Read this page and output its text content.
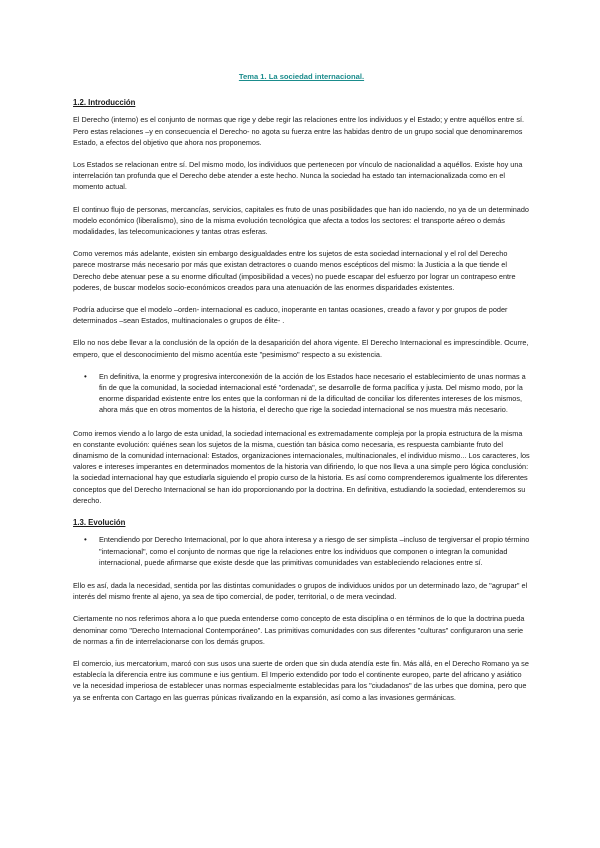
Tema 1. La sociedad internacional.
1.2. Introducción

El Derecho (interno) es el conjunto de normas que rige y debe regir las relaciones entre los individuos y el Estado; y entre aquéllos entre sí. Pero estas relaciones –y en consecuencia el Derecho- no agota su fuerza entre las habidas dentro de un grupo social que denominaremos Estado, a efectos del objetivo que ahora nos proponemos.

Los Estados se relacionan entre sí. Del mismo modo, los individuos que pertenecen por vínculo de nacionalidad a aquéllos. Existe hoy una interrelación tan profunda que el Derecho debe atender a este hecho. Nunca la sociedad ha estado tan internacionalizada como en el momento actual.

El continuo flujo de personas, mercancías, servicios, capitales es fruto de unas posibilidades que han ido naciendo, no ya de un determinado modelo económico (liberalismo), sino de la misma evolución tecnológica que afecta a todos los sectores: el transporte aéreo o demás modalidades, las telecomunicaciones y tantas otras esferas.

Como veremos más adelante, existen sin embargo desigualdades entre los sujetos de esta sociedad internacional y el rol del Derecho parece mostrarse más necesario por más que existan detractores o cuando menos escépticos del mismo: la Justicia a la que tiende el Derecho debe atenuar pese a su enorme dificultad (imposibilidad a veces) no puede escapar del esfuerzo por lograr un contrapeso entre poderes, de buscar modelos socio-económicos creados para una atenuación de las enormes disparidades existentes.

Podría aducirse que el modelo –orden- internacional es caduco, inoperante en tantas ocasiones, creado a favor y por grupos de poder determinados –sean Estados, multinacionales o grupos de élite- .

Ello no nos debe llevar a la conclusión de la opción de la desaparición del ahora vigente. El Derecho Internacional es imprescindible. Ocurre, empero, que el desconocimiento del mismo acentúa este "pesimismo" respecto a su existencia.

• En definitiva, la enorme y progresiva interconexión de la acción de los Estados hace necesario el establecimiento de unas normas a fin de que la comunidad, la sociedad internacional esté "ordenada", se desarrolle de forma pacífica y justa. Del mismo modo, por la enorme disparidad existente entre los entes que la conforman ni de la dificultad de conciliar los diferentes intereses de los mismos, ahora más que en otros momentos de la historia, el derecho que rige la sociedad internacional se nos muestra más necesario.

Como iremos viendo a lo largo de esta unidad, la sociedad internacional es extremadamente compleja por la propia estructura de la misma en constante evolución: quiénes sean los sujetos de la misma, cuestión tan básica como necesaria, es respuesta cambiante fruto del dinamismo de la comunidad internacional: Estados, organizaciones internacionales, multinacionales, el individuo mismo... Los caracteres, los valores e intereses imperantes en determinados momentos de la historia van difiriendo, lo que nos lleva a una simple pero lógica conclusión: la sociedad internacional hay que estudiarla siguiendo el propio curso de la historia. Es así como comprenderemos igualmente los diferentes conceptos que del Derecho Internacional se han ido proporcionando por la doctrina. En definitiva, estudiando la sociedad, entenderemos su derecho.

1.3. Evolución
• Entendiendo por Derecho Internacional, por lo que ahora interesa y a riesgo de ser simplista –incluso de tergiversar el propio término "internacional", como el conjunto de normas que rige la relaciones entre los individuos que componen o integran la comunidad internacional, puede afirmarse que existe desde que las primitivas comunidades van estableciendo relaciones entre sí.

Ello es así, dada la necesidad, sentida por las distintas comunidades o grupos de individuos unidos por un determinado lazo, de "agrupar" el interés del mismo frente al ajeno, ya sea de tipo comercial, de poder, territorial, o de mera vecindad.

Ciertamente no nos referimos ahora a lo que pueda entenderse como concepto de esta disciplina o en términos de lo que la doctrina pueda denominar como "Derecho Internacional Contemporáneo". Las primitivas comunidades con sus diferentes "culturas" configuraron una serie de normas a fin de interrelacionarse con los demás grupos.

El comercio, ius mercatorium, marcó con sus usos una suerte de orden que sin duda atendía este fin. Más allá, en el Derecho Romano ya se establecía la diferencia entre ius commune e ius gentium. El Imperio extendido por todo el continente europeo, parte del africano y asiático ve la necesidad imperiosa de establecer unas normas especialmente establecidas para los "ciudadanos" de las urbes que domina, pero que ya se enfrenta con Cartago en las guerras púnicas rivalizando en la expansión, así como a las invasiones germánicas.
